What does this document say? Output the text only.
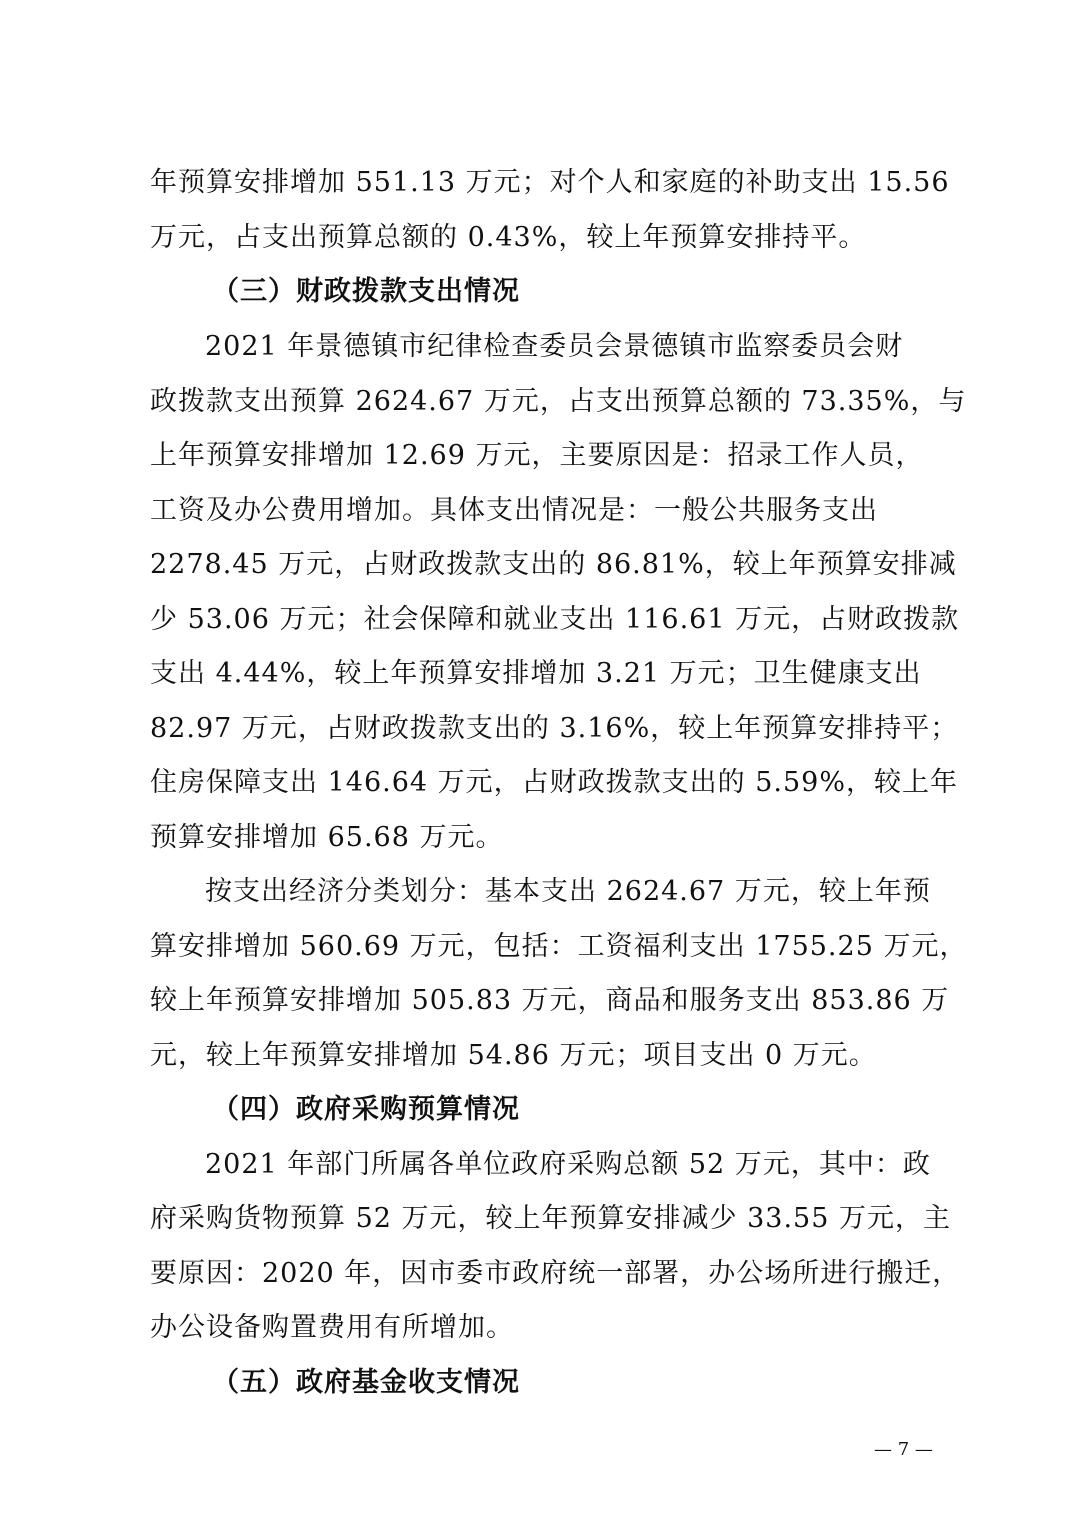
年预算安排增加 551.13 万元；对个人和家庭的补助支出 15.56
万元，占支出预算总额的 0.43%，较上年预算安排持平。
（三）财政拨款支出情况
2021 年景德镇市纪律检查委员会景德镇市监察委员会财
政拨款支出预算 2624.67 万元，占支出预算总额的 73.35%，与
上年预算安排增加 12.69 万元，主要原因是：招录工作人员，
工资及办公费用增加。具体支出情况是：一般公共服务支出
2278.45 万元，占财政拨款支出的 86.81%，较上年预算安排减
少 53.06 万元；社会保障和就业支出 116.61 万元，占财政拨款
支出 4.44%，较上年预算安排增加 3.21 万元；卫生健康支出
82.97 万元，占财政拨款支出的 3.16%，较上年预算安排持平；
住房保障支出 146.64 万元，占财政拨款支出的 5.59%，较上年
预算安排增加 65.68 万元。
按支出经济分类划分：基本支出 2624.67 万元，较上年预
算安排增加 560.69 万元，包括：工资福利支出 1755.25 万元，
较上年预算安排增加 505.83 万元，商品和服务支出 853.86 万
元，较上年预算安排增加 54.86 万元；项目支出 0 万元。
（四）政府采购预算情况
2021 年部门所属各单位政府采购总额 52 万元，其中：政
府采购货物预算 52 万元，较上年预算安排减少 33.55 万元，主
要原因：2020 年，因市委市政府统一部署，办公场所进行搬迁，
办公设备购置费用有所增加。
（五）政府基金收支情况
— 7 —
